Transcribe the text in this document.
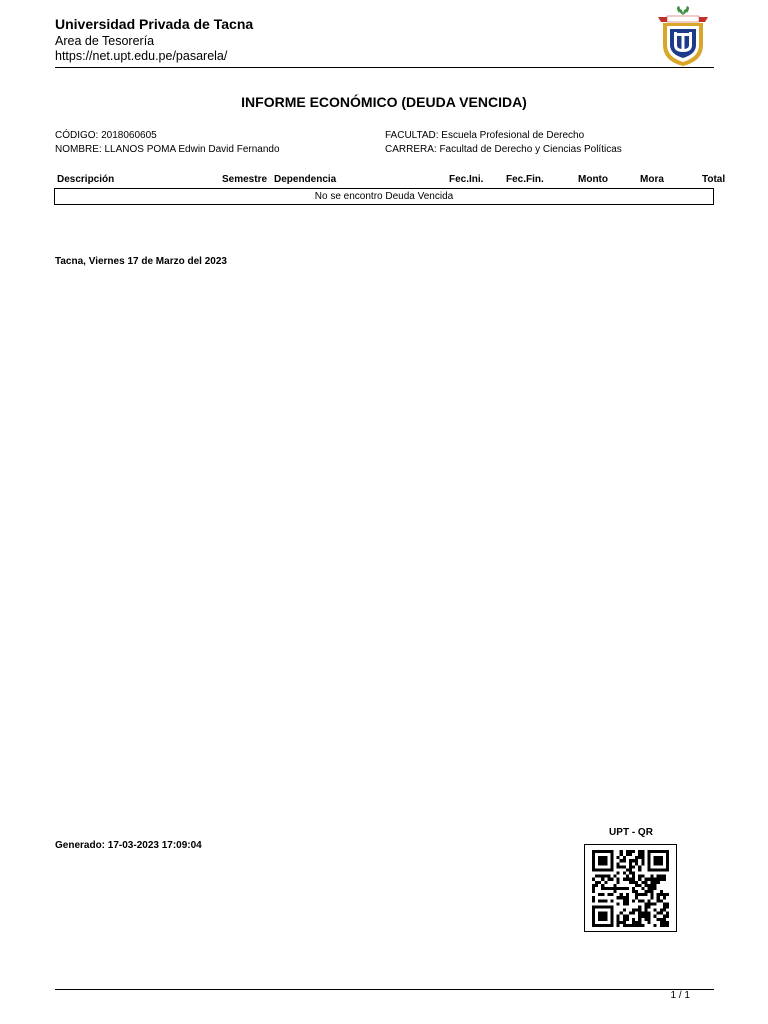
Universidad Privada de Tacna
Area de Tesorería
https://net.upt.edu.pe/pasarela/
INFORME ECONÓMICO (DEUDA VENCIDA)
CÓDIGO: 2018060605
NOMBRE: LLANOS POMA Edwin David Fernando
FACULTAD: Escuela Profesional de Derecho
CARRERA: Facultad de Derecho y Ciencias Políticas
Descripción	Semestre Dependencia	Fec.Ini. Fec.Fin.	Monto	Mora	Total
No se encontro Deuda Vencida
Tacna, Viernes 17 de Marzo del 2023
Generado: 17-03-2023 17:09:04
UPT - QR
1 / 1
